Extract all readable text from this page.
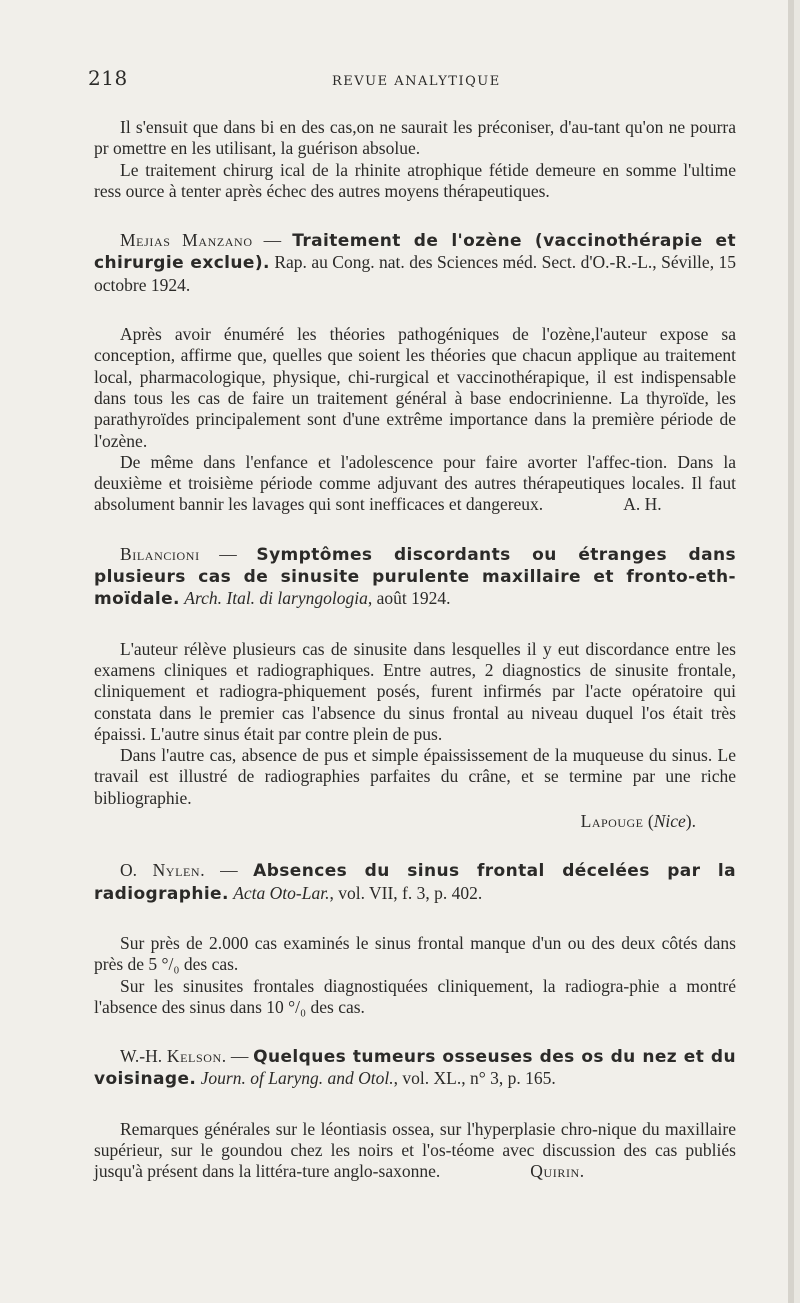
218	REVUE ANALYTIQUE

Il s'ensuit que dans bi en des cas,on ne saurait les préconiser, d'au-tant qu'on ne pourra pr omettre en les utilisant, la guérison absolue.

Le traitement chirurg ical de la rhinite atrophique fétide demeure en somme l'ultime ress ource à tenter après échec des autres moyens thérapeutiques.

Mejias Manzano — Traitement de l'ozène (vaccinothérapie et chirurgie exclue). Rap. au Cong. nat. des Sciences méd. Sect. d'O.-R.-L., Séville, 15 octobre 1924.

Après avoir énuméré les théories pathogéniques de l'ozène,l'auteur expose sa conception, affirme que, quelles que soient les théories que chacun applique au traitement local, pharmacologique, physique, chi-rurgical et vaccinothérapique, il est indispensable dans tous les cas de faire un traitement général à base endocrinienne. La thyroïde, les parathyroïdes principalement sont d'une extrême importance dans la première période de l'ozène.

De même dans l'enfance et l'adolescence pour faire avorter l'affec-tion. Dans la deuxième et troisième période comme adjuvant des autres thérapeutiques locales. Il faut absolument bannir les lavages qui sont inefficaces et dangereux.	A. H.

Bilancioni — Symptômes discordants ou étranges dans plusieurs cas de sinusite purulente maxillaire et fronto-eth-moïdale. Arch. Ital. di laryngologia, août 1924.

L'auteur rélève plusieurs cas de sinusite dans lesquelles il y eut discordance entre les examens cliniques et radiographiques. Entre autres, 2 diagnostics de sinusite frontale, cliniquement et radiogra-phiquement posés, furent infirmés par l'acte opératoire qui constata dans le premier cas l'absence du sinus frontal au niveau duquel l'os était très épaissi. L'autre sinus était par contre plein de pus.

Dans l'autre cas, absence de pus et simple épaississement de la muqueuse du sinus. Le travail est illustré de radiographies parfaites du crâne, et se termine par une riche bibliographie.

Lapouge (Nice).
O. Nylen. — Absences du sinus frontal décelées par la radiographie. Acta Oto-Lar., vol. VII, f. 3, p. 402.

Sur près de 2.000 cas examinés le sinus frontal manque d'un ou des deux côtés dans près de 5 °/₀ des cas.

Sur les sinusites frontales diagnostiquées cliniquement, la radiogra-phie a montré l'absence des sinus dans 10 °/₀ des cas.

W.-H. Kelson. — Quelques tumeurs osseuses des os du nez et du voisinage. Journ. of Laryng. and Otol., vol. XL., n° 3, p. 165.

Remarques générales sur le léontiasis ossea, sur l'hyperplasie chro-nique du maxillaire supérieur, sur le goundou chez les noirs et l'os-téome avec discussion des cas publiés jusqu'à présent dans la littéra-ture anglo-saxonne.	Quirin.
